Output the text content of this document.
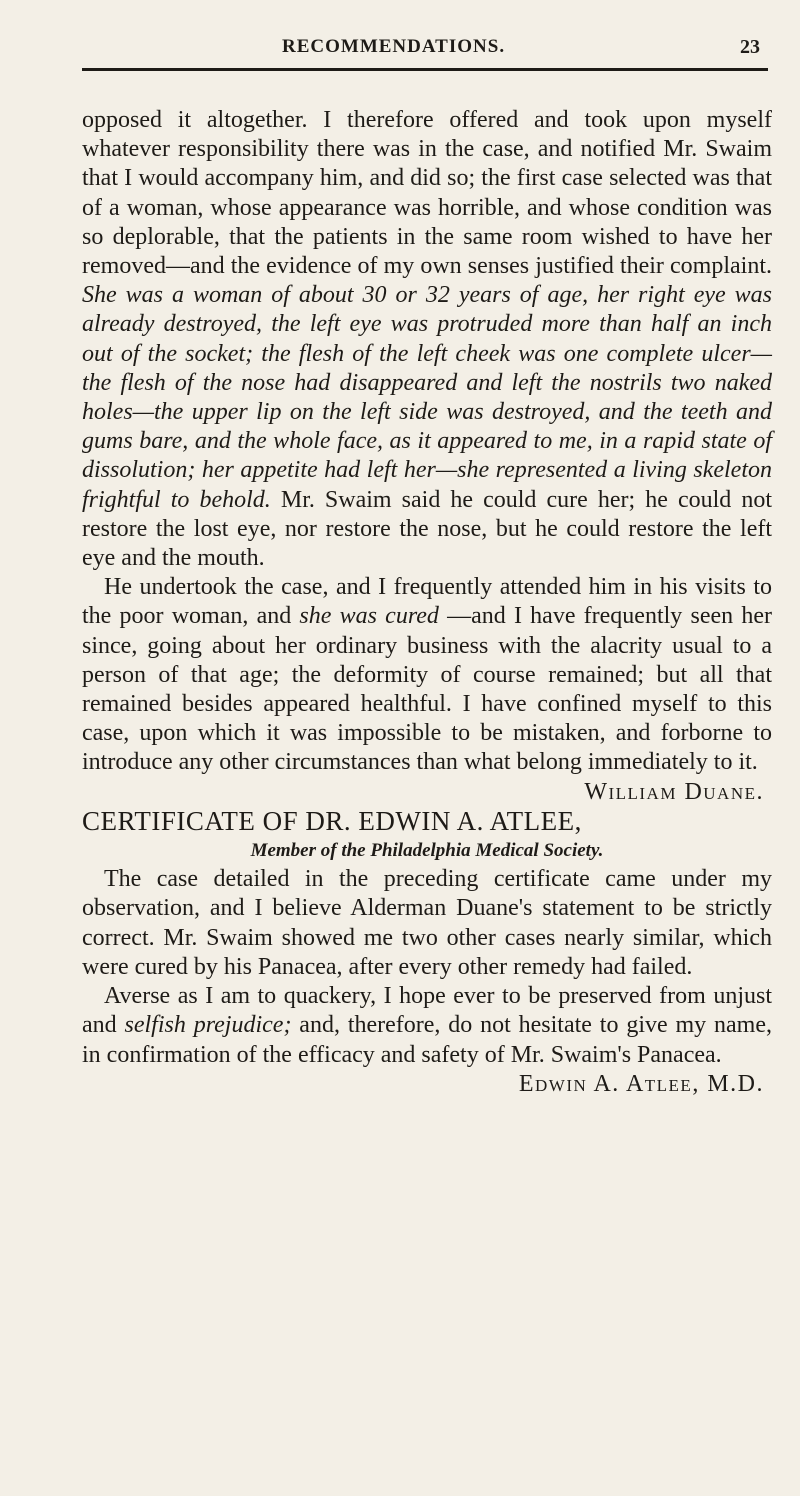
RECOMMENDATIONS.	23

opposed it altogether. I therefore offered and took upon myself whatever responsibility there was in the case, and notified Mr. Swaim that I would accompany him, and did so; the first case selected was that of a woman, whose appearance was horrible, and whose condition was so deplorable, that the patients in the same room wished to have her removed—and the evidence of my own senses justified their complaint. She was a woman of about 30 or 32 years of age, her right eye was already destroyed, the left eye was protruded more than half an inch out of the socket; the flesh of the left cheek was one complete ulcer—the flesh of the nose had disappeared and left the nostrils two naked holes—the upper lip on the left side was destroyed, and the teeth and gums bare, and the whole face, as it appeared to me, in a rapid state of dissolution; her appetite had left her—she represented a living skeleton frightful to behold. Mr. Swaim said he could cure her; he could not restore the lost eye, nor restore the nose, but he could restore the left eye and the mouth.

He undertook the case, and I frequently attended him in his visits to the poor woman, and she was cured —and I have frequently seen her since, going about her ordinary business with the alacrity usual to a person of that age; the deformity of course remained; but all that remained besides appeared healthful. I have confined myself to this case, upon which it was impossible to be mistaken, and forborne to introduce any other circumstances than what belong immediately to it.

William Duane.

CERTIFICATE OF DR. EDWIN A. ATLEE,

Member of the Philadelphia Medical Society.

The case detailed in the preceding certificate came under my observation, and I believe Alderman Duane's statement to be strictly correct. Mr. Swaim showed me two other cases nearly similar, which were cured by his Panacea, after every other remedy had failed.

Averse as I am to quackery, I hope ever to be preserved from unjust and selfish prejudice; and, therefore, do not hesitate to give my name, in confirmation of the efficacy and safety of Mr. Swaim's Panacea.

Edwin A. Atlee, M.D.
